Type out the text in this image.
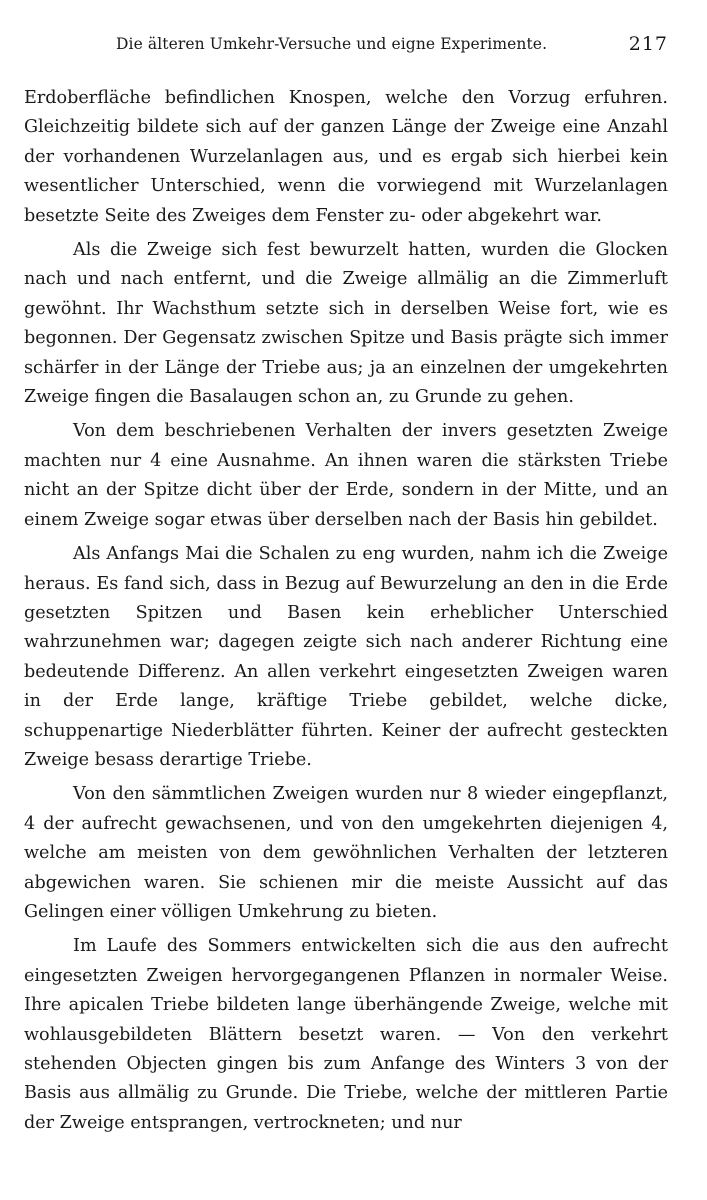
Die älteren Umkehr-Versuche und eigne Experimente.	217

Erdoberfläche befindlichen Knospen, welche den Vorzug erfuhren. Gleichzeitig bildete sich auf der ganzen Länge der Zweige eine Anzahl der vorhandenen Wurzelanlagen aus, und es ergab sich hierbei kein wesentlicher Unterschied, wenn die vorwiegend mit Wurzelanlagen besetzte Seite des Zweiges dem Fenster zu- oder abgekehrt war.

Als die Zweige sich fest bewurzelt hatten, wurden die Glocken nach und nach entfernt, und die Zweige allmälig an die Zimmerluft gewöhnt. Ihr Wachsthum setzte sich in derselben Weise fort, wie es begonnen. Der Gegensatz zwischen Spitze und Basis prägte sich immer schärfer in der Länge der Triebe aus; ja an einzelnen der umgekehrten Zweige fingen die Basalaugen schon an, zu Grunde zu gehen.

Von dem beschriebenen Verhalten der invers gesetzten Zweige machten nur 4 eine Ausnahme. An ihnen waren die stärksten Triebe nicht an der Spitze dicht über der Erde, sondern in der Mitte, und an einem Zweige sogar etwas über derselben nach der Basis hin gebildet.

Als Anfangs Mai die Schalen zu eng wurden, nahm ich die Zweige heraus. Es fand sich, dass in Bezug auf Bewurzelung an den in die Erde gesetzten Spitzen und Basen kein erheblicher Unterschied wahrzunehmen war; dagegen zeigte sich nach anderer Richtung eine bedeutende Differenz. An allen verkehrt eingesetzten Zweigen waren in der Erde lange, kräftige Triebe gebildet, welche dicke, schuppenartige Niederblätter führten. Keiner der aufrecht gesteckten Zweige besass derartige Triebe.

Von den sämmtlichen Zweigen wurden nur 8 wieder eingepflanzt, 4 der aufrecht gewachsenen, und von den umgekehrten diejenigen 4, welche am meisten von dem gewöhnlichen Verhalten der letzteren abgewichen waren. Sie schienen mir die meiste Aussicht auf das Gelingen einer völligen Umkehrung zu bieten.

Im Laufe des Sommers entwickelten sich die aus den aufrecht eingesetzten Zweigen hervorgegangenen Pflanzen in normaler Weise. Ihre apicalen Triebe bildeten lange überhängende Zweige, welche mit wohlausgebildeten Blättern besetzt waren. — Von den verkehrt stehenden Objecten gingen bis zum Anfange des Winters 3 von der Basis aus allmälig zu Grunde. Die Triebe, welche der mittleren Partie der Zweige entsprangen, vertrockneten; und nur
